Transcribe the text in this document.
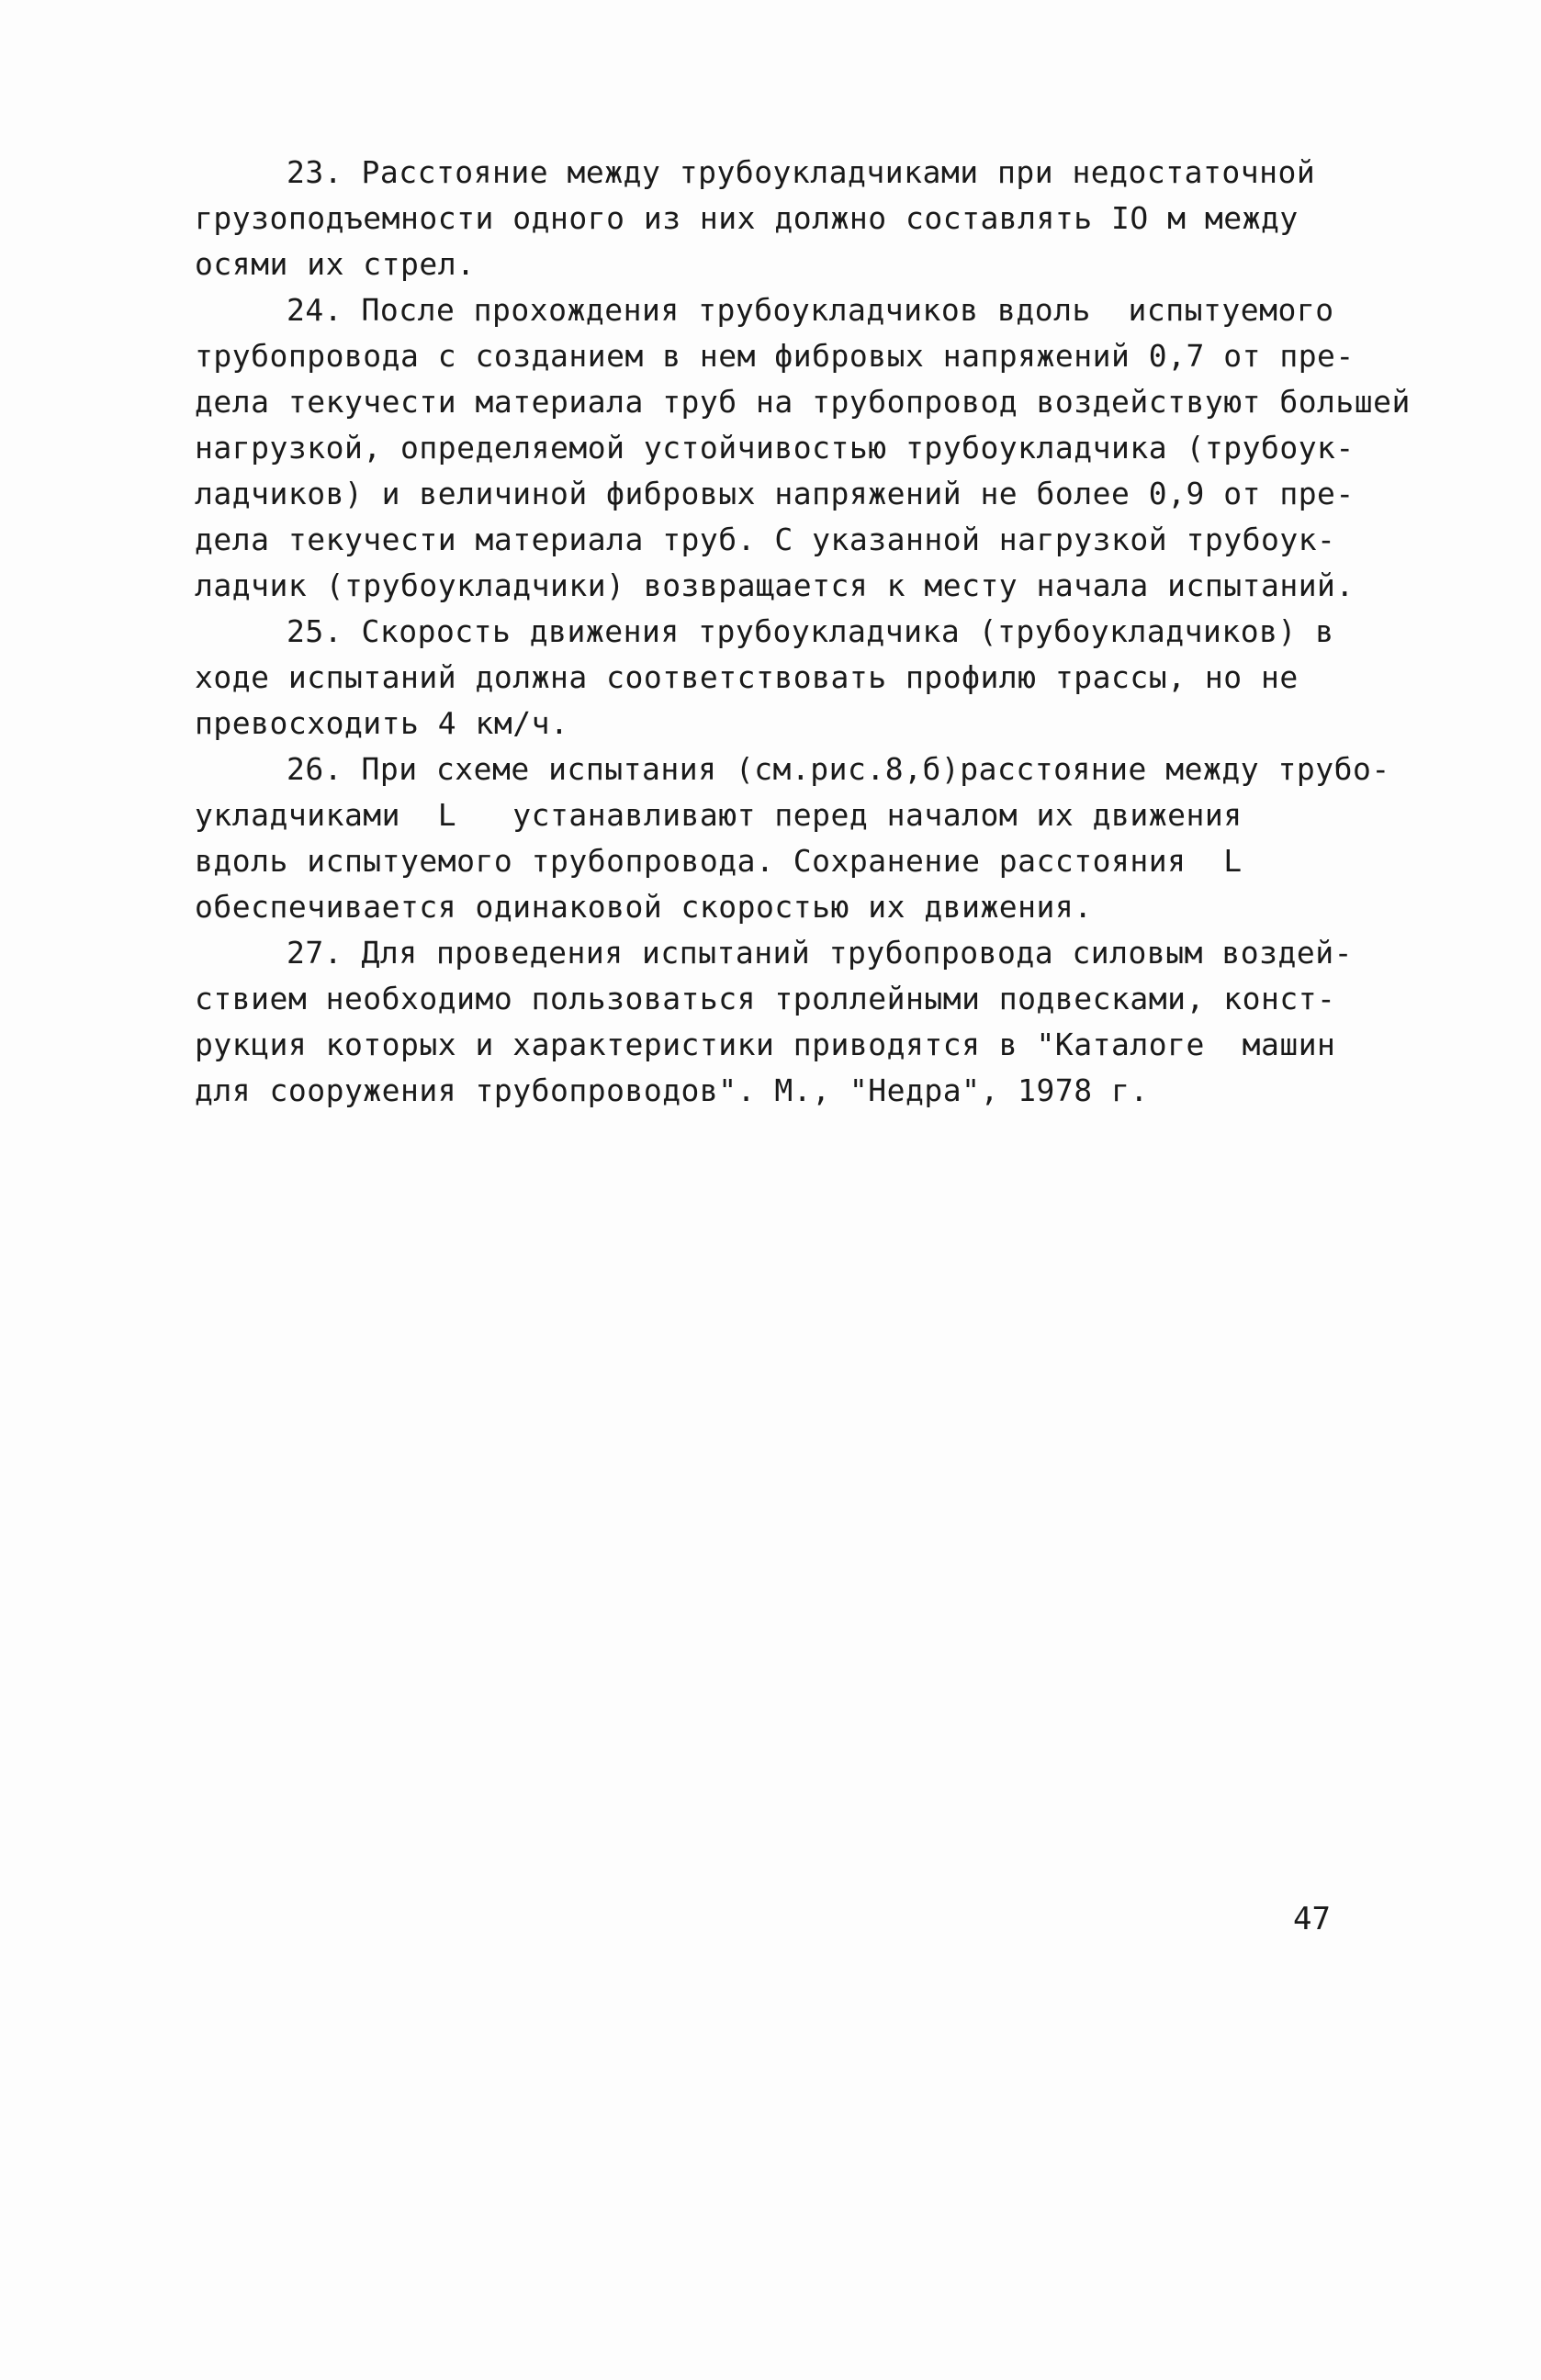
23. Расстояние между трубоукладчиками при недостаточной
грузоподъемности одного из них должно составлять IO м между
осями их стрел.
24. После прохождения трубоукладчиков вдоль  испытуемого
трубопровода с созданием в нем фибровых напряжений 0,7 от пре-
дела текучести материала труб на трубопровод воздействуют большей
нагрузкой, определяемой устойчивостью трубоукладчика (трубоук-
ладчиков) и величиной фибровых напряжений не более 0,9 от пре-
дела текучести материала труб. С указанной нагрузкой трубоук-
ладчик (трубоукладчики) возвращается к месту начала испытаний.
25. Скорость движения трубоукладчика (трубоукладчиков) в
ходе испытаний должна соответствовать профилю трассы, но не
превосходить 4 км/ч.
26. При схеме испытания (см.рис.8,б)расстояние между трубо-
укладчиками  L   устанавливают перед началом их движения
вдоль испытуемого трубопровода. Сохранение расстояния  L
обеспечивается одинаковой скоростью их движения.
27. Для проведения испытаний трубопровода силовым воздей-
ствием необходимо пользоваться троллейными подвесками, конст-
рукция которых и характеристики приводятся в "Каталоге  машин
для сооружения трубопроводов". М., "Недра", 1978 г.
47
